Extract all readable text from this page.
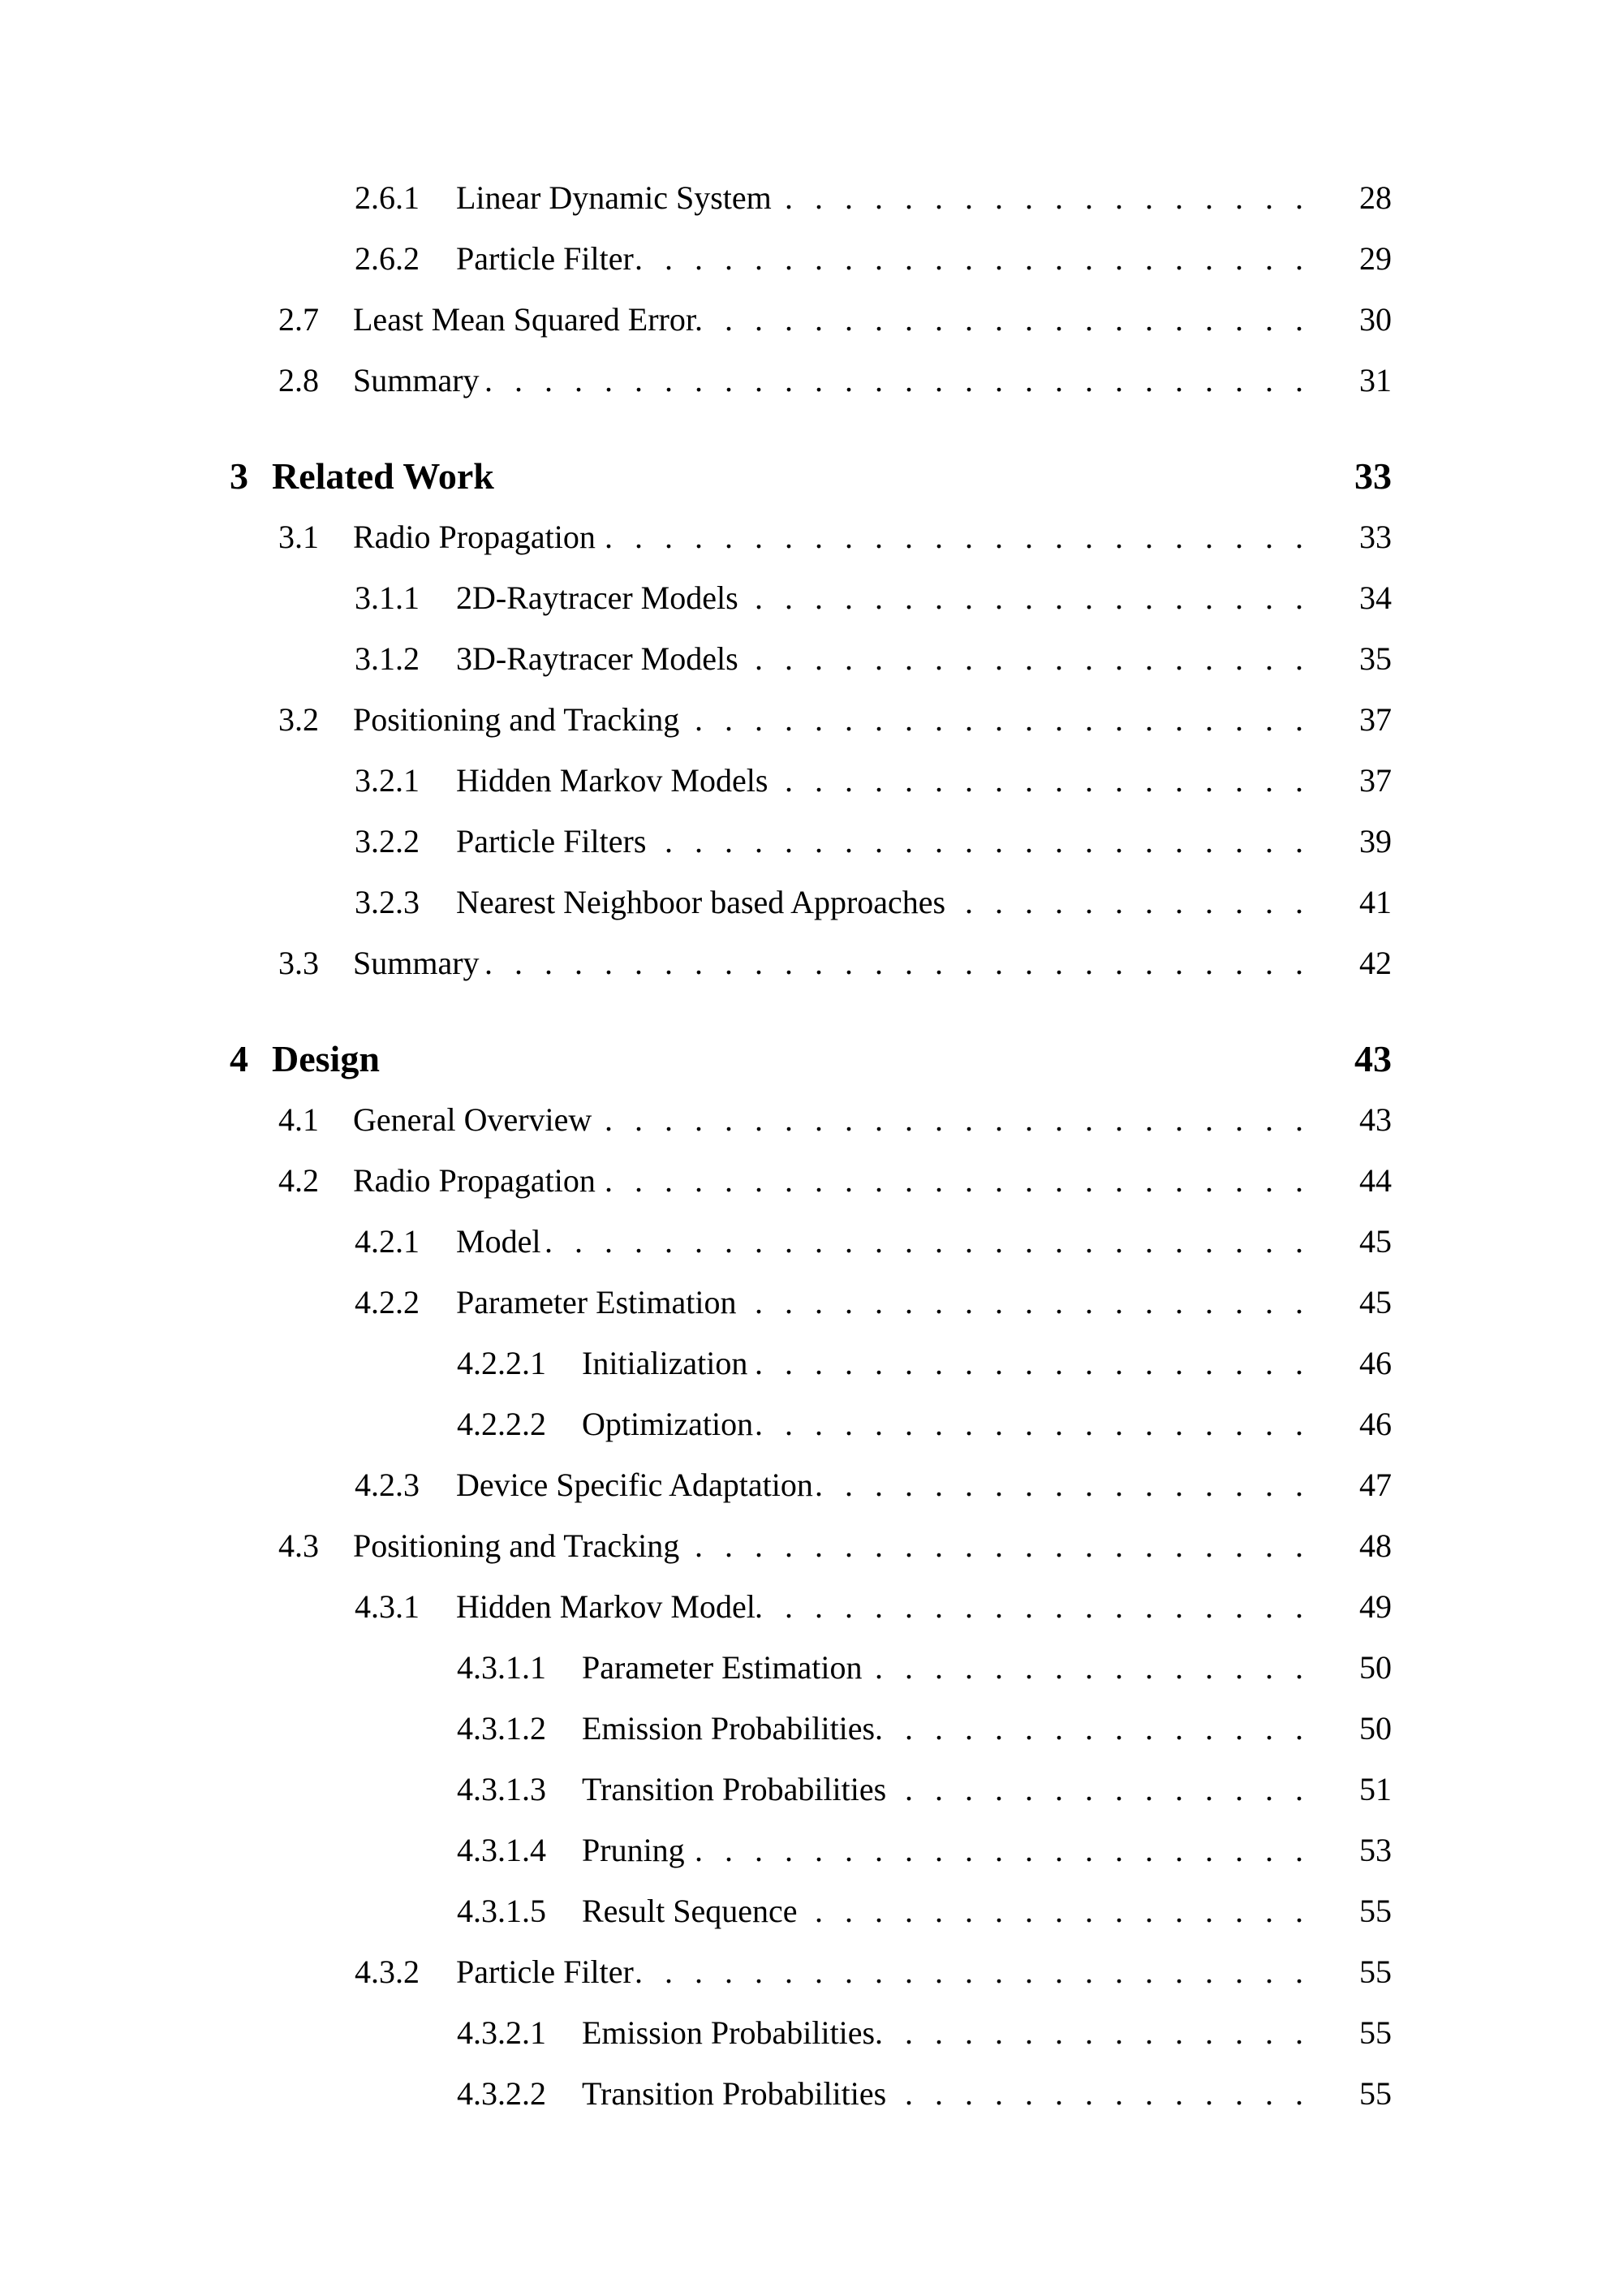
2.6.1	Linear Dynamic System .....	28
2.6.2	Particle Filter .....	29
2.7	Least Mean Squared Error .....	30
2.8	Summary .....	31
3 Related Work	33
3.1	Radio Propagation .....	33
3.1.1	2D-Raytracer Models .....	34
3.1.2	3D-Raytracer Models .....	35
3.2	Positioning and Tracking .....	37
3.2.1	Hidden Markov Models .....	37
3.2.2	Particle Filters .....	39
3.2.3	Nearest Neighboor based Approaches .....	41
3.3	Summary .....	42
4 Design	43
4.1	General Overview .....	43
4.2	Radio Propagation .....	44
4.2.1	Model .....	45
4.2.2	Parameter Estimation .....	45
4.2.2.1	Initialization .....	46
4.2.2.2	Optimization .....	46
4.2.3	Device Specific Adaptation .....	47
4.3	Positioning and Tracking .....	48
4.3.1	Hidden Markov Model .....	49
4.3.1.1	Parameter Estimation .....	50
4.3.1.2	Emission Probabilities .....	50
4.3.1.3	Transition Probabilities .....	51
4.3.1.4	Pruning .....	53
4.3.1.5	Result Sequence .....	55
4.3.2	Particle Filter .....	55
4.3.2.1	Emission Probabilities .....	55
4.3.2.2	Transition Probabilities .....	55
